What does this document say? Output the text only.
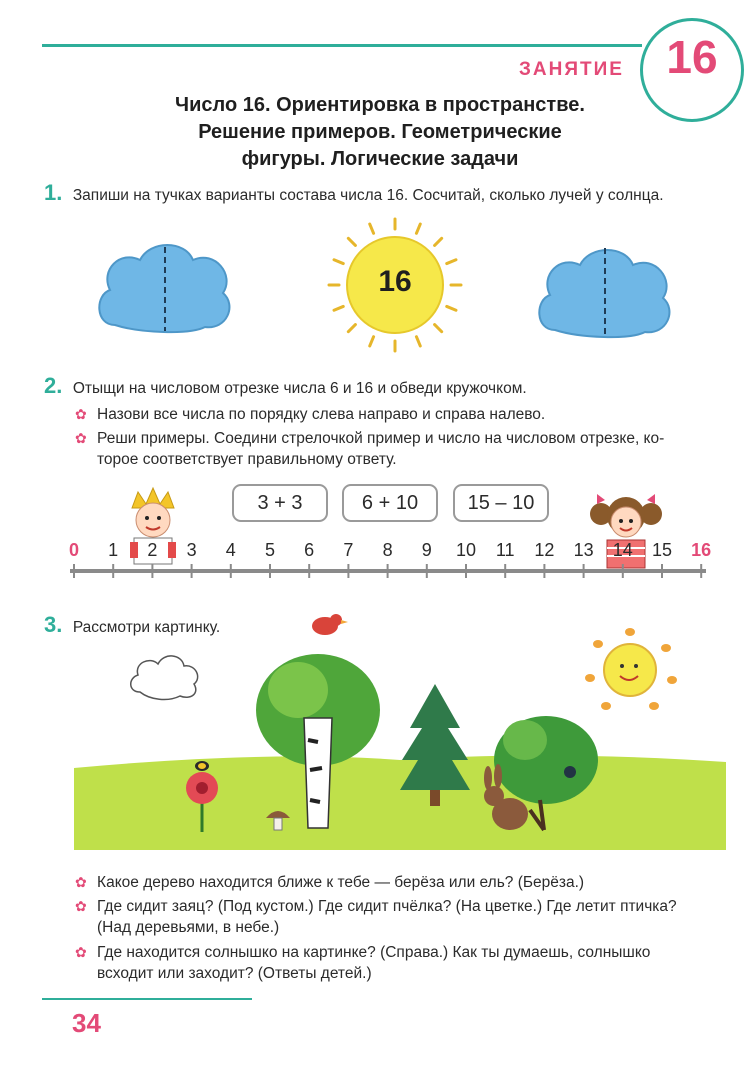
ЗАНЯТИЕ 16
Число 16. Ориентировка в пространстве.
Решение примеров. Геометрические
фигуры. Логические задачи
1. Запиши на тучках варианты состава числа 16. Сосчитай, сколько лучей у солнца.
16
2. Отыщи на числовом отрезке числа 6 и 16 и обведи кружочком.
✿ Назови все числа по порядку слева направо и справа налево.
✿ Реши примеры. Соедини стрелочкой пример и число на числовом отрезке, ко-
торое соответствует правильному ответу.
3 + 3	6 + 10	15 – 10
0	1	2	3	4	5	6	7	8	9	10	11	12 13 14 15 16
3. Рассмотри картинку.
✿ Какое дерево находится ближе к тебе — берёза или ель? (Берёза.)
✿ Где сидит заяц? (Под кустом.) Где сидит пчёлка? (На цветке.) Где летит птичка?
(Над деревьями, в небе.)
✿ Где находится солнышко на картинке? (Справа.) Как ты думаешь, солнышко
всходит или заходит? (Ответы детей.)
34
